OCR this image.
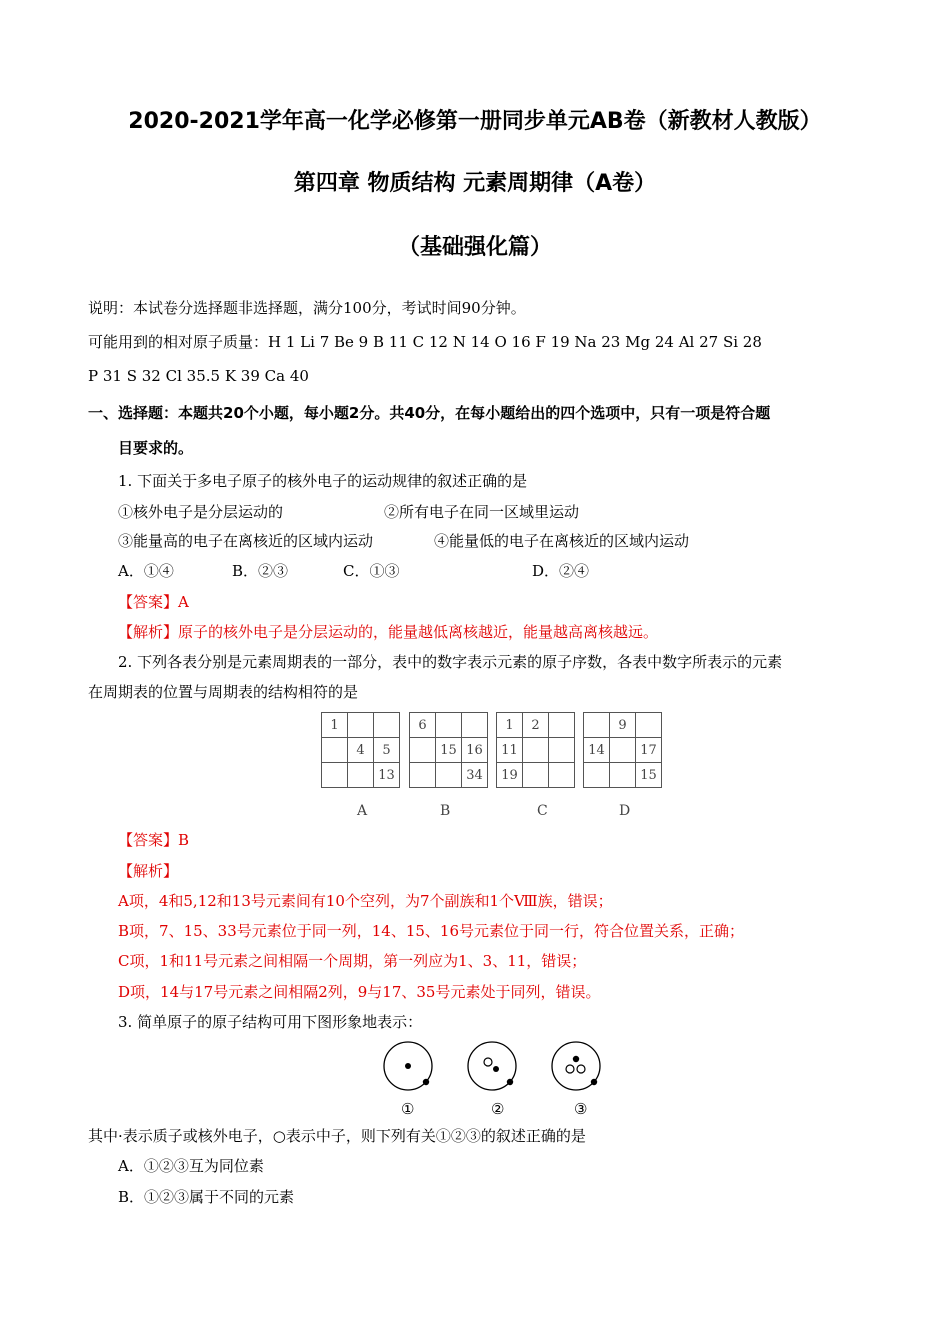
2020-2021学年高一化学必修第一册同步单元AB卷（新教材人教版）
第四章 物质结构 元素周期律（A卷）
（基础强化篇）
说明：本试卷分选择题非选择题，满分100分，考试时间90分钟。
可能用到的相对原子质量：H 1 Li 7 Be 9 B 11 C 12 N 14 O 16 F 19 Na 23 Mg 24 Al 27 Si 28
P 31 S 32 Cl 35.5 K 39 Ca 40
一、选择题：本题共20个小题，每小题2分。共40分，在每小题给出的四个选项中，只有一项是符合题
目要求的。
1. 下面关于多电子原子的核外电子的运动规律的叙述正确的是
①核外电子是分层运动的	②所有电子在同一区域里运动
③能量高的电子在离核近的区域内运动	④能量低的电子在离核近的区域内运动
A．①④	B．②③	C．①③	D．②④
【答案】A
【解析】原子的核外电子是分层运动的，能量越低离核越近，能量越高离核越远。
2. 下列各表分别是元素周期表的一部分，表中的数字表示元素的原子序数，各表中数字所表示的元素
在周期表的位置与周期表的结构相符的是
1		
	4	5
		13
6		
	15	16
		34
1	2	
11		
19		
	9	
14		17
		15
A	B	C	D
【答案】B
【解析】
A项，4和5,12和13号元素间有10个空列，为7个副族和1个Ⅷ族，错误；
B项，7、15、33号元素位于同一列，14、15、16号元素位于同一行，符合位置关系，正确；
C项，1和11号元素之间相隔一个周期，第一列应为1、3、11，错误；
D项，14与17号元素之间相隔2列，9与17、35号元素处于同列，错误。
3. 简单原子的原子结构可用下图形象地表示：
①	②	③
其中·表示质子或核外电子，○表示中子，则下列有关①②③的叙述正确的是
A．①②③互为同位素
B．①②③属于不同的元素
